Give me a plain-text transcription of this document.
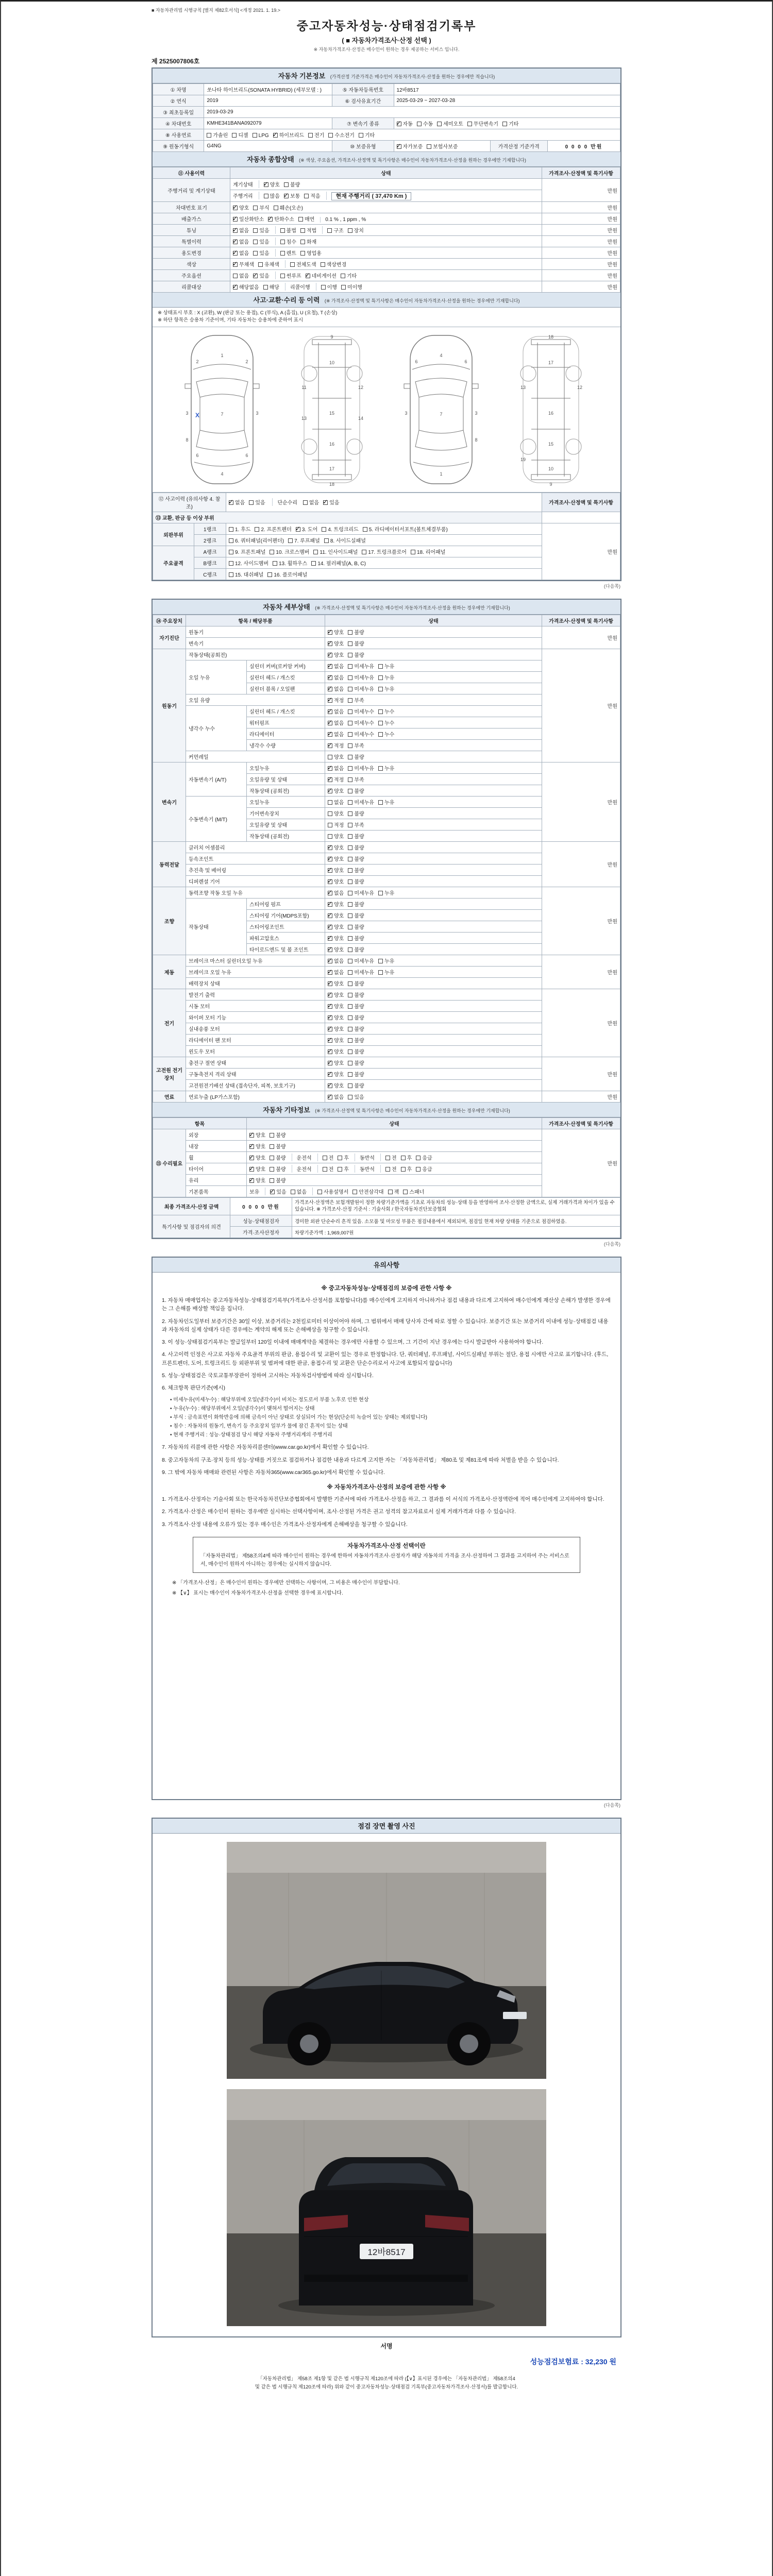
■ 자동차관리법 시행규칙 [별지 제82호서식] <개정 2021. 1. 19.>
중고자동차성능·상태점검기록부
( ■ 자동차가격조사·산정 선택 )
※ 자동차가격조사·산정은 매수인이 원하는 경우 제공하는 서비스 입니다.
제 2525007806호
자동차 기본정보 (가격산정 기준가격은 매수인이 자동차가격조사·산정을 원하는 경우에만 적습니다)
① 차명	쏘나타 하이브리드(SONATA HYBRID) (세부모델 : )	⑤ 자동차등록번호	12바8517		
② 연식	2019	⑥ 검사유효기간	2025-03-29 ~ 2027-03-28		
③ 최초등록일	2019-03-29				
④ 차대번호	KMHE341BANA092079	⑦ 변속기 종류	✓자동 수동 세미오토 무단변속기 기타
⑧ 사용연료	가솔린 디젤 LPG ✓ 하이브리드 전기 수소전기 기타
⑨ 원동기형식	G4NG	⑩ 보증유형	✓자가보증 보험사보증	가격산정 기준가격	0 0 0 0 만원
자동차 종합상태 (※ 색상, 주요옵션, 가격조사·산정액 및 특기사항은 매수인이 자동차가격조사·산정을 원하는 경우에만 기재합니다)
⑪ 사용이력	상태	가격조사·산정액 및 특기사항
주행거리 및 계기상태	계기상태 ✓ 양호 불량	만원
	주행거리 많음 ✓ 보통 적음 현재 주행거리 ( 37,470 Km )
차대번호 표기	✓양호 부식 훼손(오손)	만원
배출가스	✓일산화탄소 ✓ 탄화수소 매연 0.1 % , 1 ppm , %	만원
튜닝	✓없음 있음 불법 적법 구조 장치	만원
특별이력	✓없음 있음 침수 화재	만원
용도변경	✓없음 있음 렌트 영업용	만원
색상	✓무채색 유채색 전체도색 색상변경	만원
주요옵션	없음 ✓ 있음 썬루프 ✓ 네비게이션 기타	만원
리콜대상	✓해당없음 해당 리콜이행 이행 미이행	만원
사고·교환·수리 등 이력 (※ 가격조사·산정액 및 특기사항은 매수인이 자동차가격조사·산정을 원하는 경우에만 기재합니다)
※ 상태표시 부호 : X (교환), W (판금 또는 용접), C (부식), A (흠집), U (요철), T (손상)
※ 하단 항목은 승용차 기준이며, 기타 자동차는 승용차에 준하여 표시
1
2	2
3	3
4
6	6
7
8
X
9
10
11	12
13	14
15
16
17
18
4
6	6
3	3
1
7
8
18
17
13	12
16
15
19
10
9
⑫ 사고이력 (유의사항 4. 참조)	✓없음 있음 단순수리 없음 ✓ 있음	가격조사·산정액 및 특기사항
⑬ 교환, 판금 등 이상 부위			
외판부위	1랭크	1. 후드 2. 프론트펜더 ✓ 3. 도어 4. 트렁크리드 5. 라디에이터서포트(볼트체결부품)	만원
	2랭크	6. 쿼터패널(리어펜더) 7. 루프패널 8. 사이드실패널	
주요골격	A랭크	9. 프론트패널 10. 크로스멤버 11. 인사이드패널 17. 트렁크플로어 18. 리어패널	
	B랭크	12. 사이드멤버 13. 휠하우스 14. 필러패널(A, B, C)	
	C랭크	15. 대쉬패널 16. 플로어패널	
(다음쪽)
자동차 세부상태 (※ 가격조사·산정액 및 특기사항은 매수인이 자동차가격조사·산정을 원하는 경우에만 기재합니다)
⑭ 주요장치	항목 / 해당부품		상태	가격조사·산정액 및 특기사항
자기진단	원동기	✓양호 불량	만원
	변속기	✓양호 불량
원동기	작동상태(공회전)	✓양호 불량	만원
	오일 누유	실린더 커버(로커암 커버)	✓없음 미세누유 누유
		실린더 헤드 / 개스킷	✓없음 미세누유 누유
		실린더 블록 / 오일팬	✓없음 미세누유 누유
	오일 유량	✓적정 부족
	냉각수 누수	실린더 헤드 / 개스킷	✓없음 미세누수 누수
		워터펌프	✓없음 미세누수 누수
		라디에이터	✓없음 미세누수 누수
		냉각수 수량	✓적정 부족
	커먼레일		양호 불량	
변속기	자동변속기 (A/T)	오일누유	✓없음 미세누유 누유	만원
		오일유량 및 상태	✓적정 부족
		작동상태 (공회전)	✓양호 불량
	수동변속기 (M/T)	오일누유	없음 미세누유 누유	
		기어변속장치	양호 불량	
		오일유량 및 상태	적정 부족	
		작동상태 (공회전)	양호 불량	
동력전달	클러치 어셈블리	✓양호 불량	만원
	등속조인트	✓양호 불량
	추진축 및 베어링	✓양호 불량
	디퍼렌셜 기어	✓양호 불량
조향	동력조향 작동 오일 누유	✓없음 미세누유 누유	만원
	작동상태	스티어링 펌프	✓양호 불량
		스티어링 기어(MDPS포함)	✓양호 불량
		스티어링조인트	✓양호 불량
		파워고압호스	✓양호 불량
		타이로드엔드 및 볼 조인트	✓양호 불량
제동	브레이크 마스터 실린더오일 누유	✓없음 미세누유 누유	만원
	브레이크 오일 누유	✓없음 미세누유 누유
	배력장치 상태	✓양호 불량
전기	발전기 출력	✓양호 불량	만원
	시동 모터	✓양호 불량
	와이퍼 모터 기능	✓양호 불량
	실내송풍 모터	✓양호 불량
	라디에이터 팬 모터	✓양호 불량
	윈도우 모터	✓양호 불량
고전원 전기장치	충전구 절연 상태	✓양호 불량	만원
	구동축전지 격리 상태	✓양호 불량
	고전원전기배선 상태 (접속단자, 피복, 보호기구)	✓양호 불량
연료	연료누출 (LP가스포함)	✓없음 있음	만원
자동차 기타정보 (※ 가격조사·산정액 및 특기사항은 매수인이 자동차가격조사·산정을 원하는 경우에만 기재합니다)
항목		상태	가격조사·산정액 및 특기사항
⑮ 수리필요	외장	✓양호 불량	만원
	내장	✓양호 불량
	휠	✓양호 불량 운전석 전 후 동반석 전 후 응급
	타이어	✓양호 불량 운전석 전 후 동반석 전 후 응급
	유리	✓양호 불량
	기본품목	보유 ✓ 있음 없음 사용설명서 안전삼각대 잭 스패너
최종 가격조사·산정 금액	0 0 0 0 만원	가격조사·산정액은 보험개발원이 정한 차량기준가액을 기초로 자동차의 성능·상태 등을 반영하여 조사·산정한 금액으로, 실제 거래가격과 차이가 있을 수 있습니다. ※ 가격조사·산정 기준서 : 기술사회 / 한국자동차진단보증협회
특기사항 및 점검자의 의견	성능·상태점검자	경미한 외판 단순수리 흔적 있음. 소모품 및 마모성 부품은 점검내용에서 제외되며, 점검일 현재 차량 상태를 기준으로 점검하였음.
	가격·조사산정자	차량기준가액 : 1,969,007원
(다음쪽)
유의사항
※ 중고자동차성능·상태점검의 보증에 관한 사항 ※
1. 자동차 매매업자는 중고자동차성능·상태점검기록부(가격조사·산정서를 포함합니다)를 매수인에게 고지하지 아니하거나 점검 내용과 다르게 고지하여 매수인에게 재산상 손해가 발생한 경우에는 그 손해를 배상할 책임을 집니다.
2. 자동차인도일부터 보증기간은 30일 이상, 보증거리는 2천킬로미터 이상이어야 하며, 그 범위에서 매매 당사자 간에 따로 정할 수 있습니다. 보증기간 또는 보증거리 이내에 성능·상태점검 내용과 자동차의 실제 상태가 다른 경우에는 계약의 해제 또는 손해배상을 청구할 수 있습니다.
3. 이 성능·상태점검기록부는 발급일부터 120일 이내에 매매계약을 체결하는 경우에만 사용할 수 있으며, 그 기간이 지난 경우에는 다시 발급받아 사용하여야 합니다.
4. 사고이력 인정은 사고로 자동차 주요골격 부위의 판금, 용접수리 및 교환이 있는 경우로 한정합니다. 단, 쿼터패널, 루프패널, 사이드실패널 부위는 절단, 용접 시에만 사고로 표기합니다. (후드, 프론트펜더, 도어, 트렁크리드 등 외판부위 및 범퍼에 대한 판금, 용접수리 및 교환은 단순수리로서 사고에 포함되지 않습니다)
5. 성능·상태점검은 국토교통부장관이 정하여 고시하는 자동차검사방법에 따라 실시합니다.
6. 체크항목 판단기준(예시)
• 미세누유(미세누수) : 해당부위에 오일(냉각수)이 비치는 정도로서 부품 노후로 인한 현상
• 누유(누수) : 해당부위에서 오일(냉각수)이 맺혀서 떨어지는 상태
• 부식 : 금속표면이 화학반응에 의해 금속이 아닌 상태로 상실되어 가는 현상(단순히 녹슬어 있는 상태는 제외합니다)
• 침수 : 자동차의 원동기, 변속기 등 주요장치 일부가 물에 잠긴 흔적이 있는 상태
• 현재 주행거리 : 성능·상태점검 당시 해당 자동차 주행거리계의 주행거리
7. 자동차의 리콜에 관한 사항은 자동차리콜센터(www.car.go.kr)에서 확인할 수 있습니다.
8. 중고자동차의 구조·장치 등의 성능·상태를 거짓으로 점검하거나 점검한 내용과 다르게 고지한 자는 「자동차관리법」 제80조 및 제81조에 따라 처벌을 받을 수 있습니다.
9. 그 밖에 자동차 매매와 관련된 사항은 자동차365(www.car365.go.kr)에서 확인할 수 있습니다.
※ 자동차가격조사·산정의 보증에 관한 사항 ※
1. 가격조사·산정자는 기술사회 또는 한국자동차진단보증협회에서 발행한 기준서에 따라 가격조사·산정을 하고, 그 결과를 이 서식의 가격조사·산정액란에 적어 매수인에게 고지하여야 합니다.
2. 가격조사·산정은 매수인이 원하는 경우에만 실시하는 선택사항이며, 조사·산정된 가격은 권고 성격의 참고자료로서 실제 거래가격과 다를 수 있습니다.
3. 가격조사·산정 내용에 오류가 있는 경우 매수인은 가격조사·산정자에게 손해배상을 청구할 수 있습니다.
자동차가격조사·산정 선택이란
「자동차관리법」 제58조의4에 따라 매수인이 원하는 경우에 한하여 자동차가격조사·산정자가 해당 자동차의 가격을 조사·산정하여 그 결과를 고지하여 주는 서비스로서, 매수인이 원하지 아니하는 경우에는 실시하지 않습니다.
※ 「가격조사·산정」은 매수인이 원하는 경우에만 선택하는 사항이며, 그 비용은 매수인이 부담합니다.
※ 【∨】 표시는 매수인이 자동차가격조사·산정을 선택한 경우에 표시합니다.
(다음쪽)
점검 장면 촬영 사진
12바8517
서명
성능점검보험료 : 32,230 원
「자동차관리법」 제58조 제1항 및 같은 법 시행규칙 제120조에 따라 (【∨】표시된 경우에는 「자동차관리법」 제58조의4
및 같은 법 시행규칙 제120조에 따라) 위와 같이 중고자동차성능·상태점검 기록부(중고자동차가격조사·산정서)를 발급합니다.
